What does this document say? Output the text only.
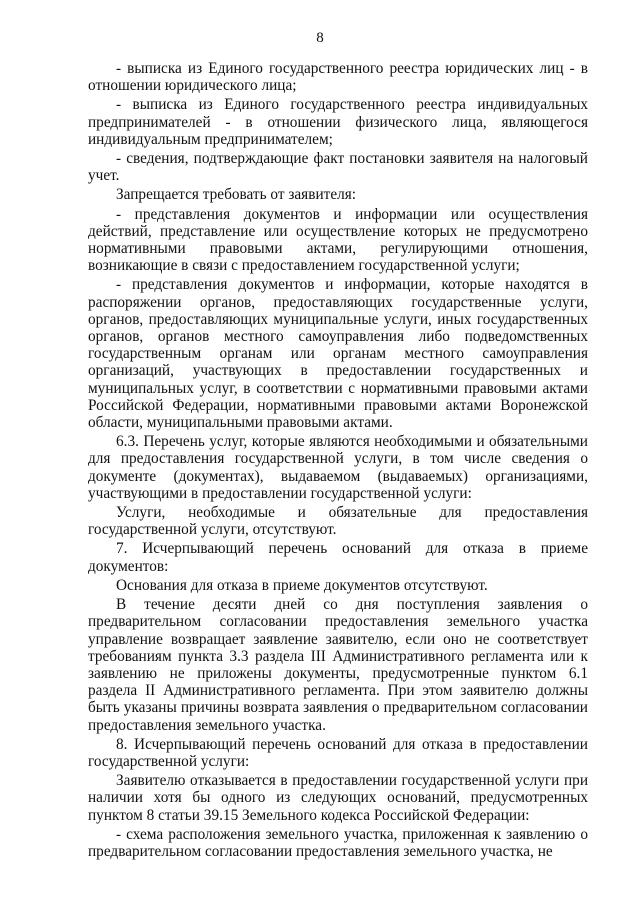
8

- выписка из Единого государственного реестра юридических лиц - в отношении юридического лица;

- выписка из Единого государственного реестра индивидуальных предпринимателей - в отношении физического лица, являющегося индивидуальным предпринимателем;

- сведения, подтверждающие факт постановки заявителя на налоговый учет.

Запрещается требовать от заявителя:

- представления документов и информации или осуществления действий, представление или осуществление которых не предусмотрено нормативными правовыми актами, регулирующими отношения, возникающие в связи с предоставлением государственной услуги;

- представления документов и информации, которые находятся в распоряжении органов, предоставляющих государственные услуги, органов, предоставляющих муниципальные услуги, иных государственных органов, органов местного самоуправления либо подведомственных государственным органам или органам местного самоуправления организаций, участвующих в предоставлении государственных и муниципальных услуг, в соответствии с нормативными правовыми актами Российской Федерации, нормативными правовыми актами Воронежской области, муниципальными правовыми актами.

6.3. Перечень услуг, которые являются необходимыми и обязательными для предоставления государственной услуги, в том числе сведения о документе (документах), выдаваемом (выдаваемых) организациями, участвующими в предоставлении государственной услуги:

Услуги, необходимые и обязательные для предоставления государственной услуги, отсутствуют.

7. Исчерпывающий перечень оснований для отказа в приеме документов:

Основания для отказа в приеме документов отсутствуют.

В течение десяти дней со дня поступления заявления о предварительном согласовании предоставления земельного участка управление возвращает заявление заявителю, если оно не соответствует требованиям пункта 3.3 раздела III Административного регламента или к заявлению не приложены документы, предусмотренные пунктом 6.1 раздела II Административного регламента. При этом заявителю должны быть указаны причины возврата заявления о предварительном согласовании предоставления земельного участка.

8. Исчерпывающий перечень оснований для отказа в предоставлении государственной услуги:

Заявителю отказывается в предоставлении государственной услуги при наличии хотя бы одного из следующих оснований, предусмотренных пунктом 8 статьи 39.15 Земельного кодекса Российской Федерации:

- схема расположения земельного участка, приложенная к заявлению о предварительном согласовании предоставления земельного участка, не
